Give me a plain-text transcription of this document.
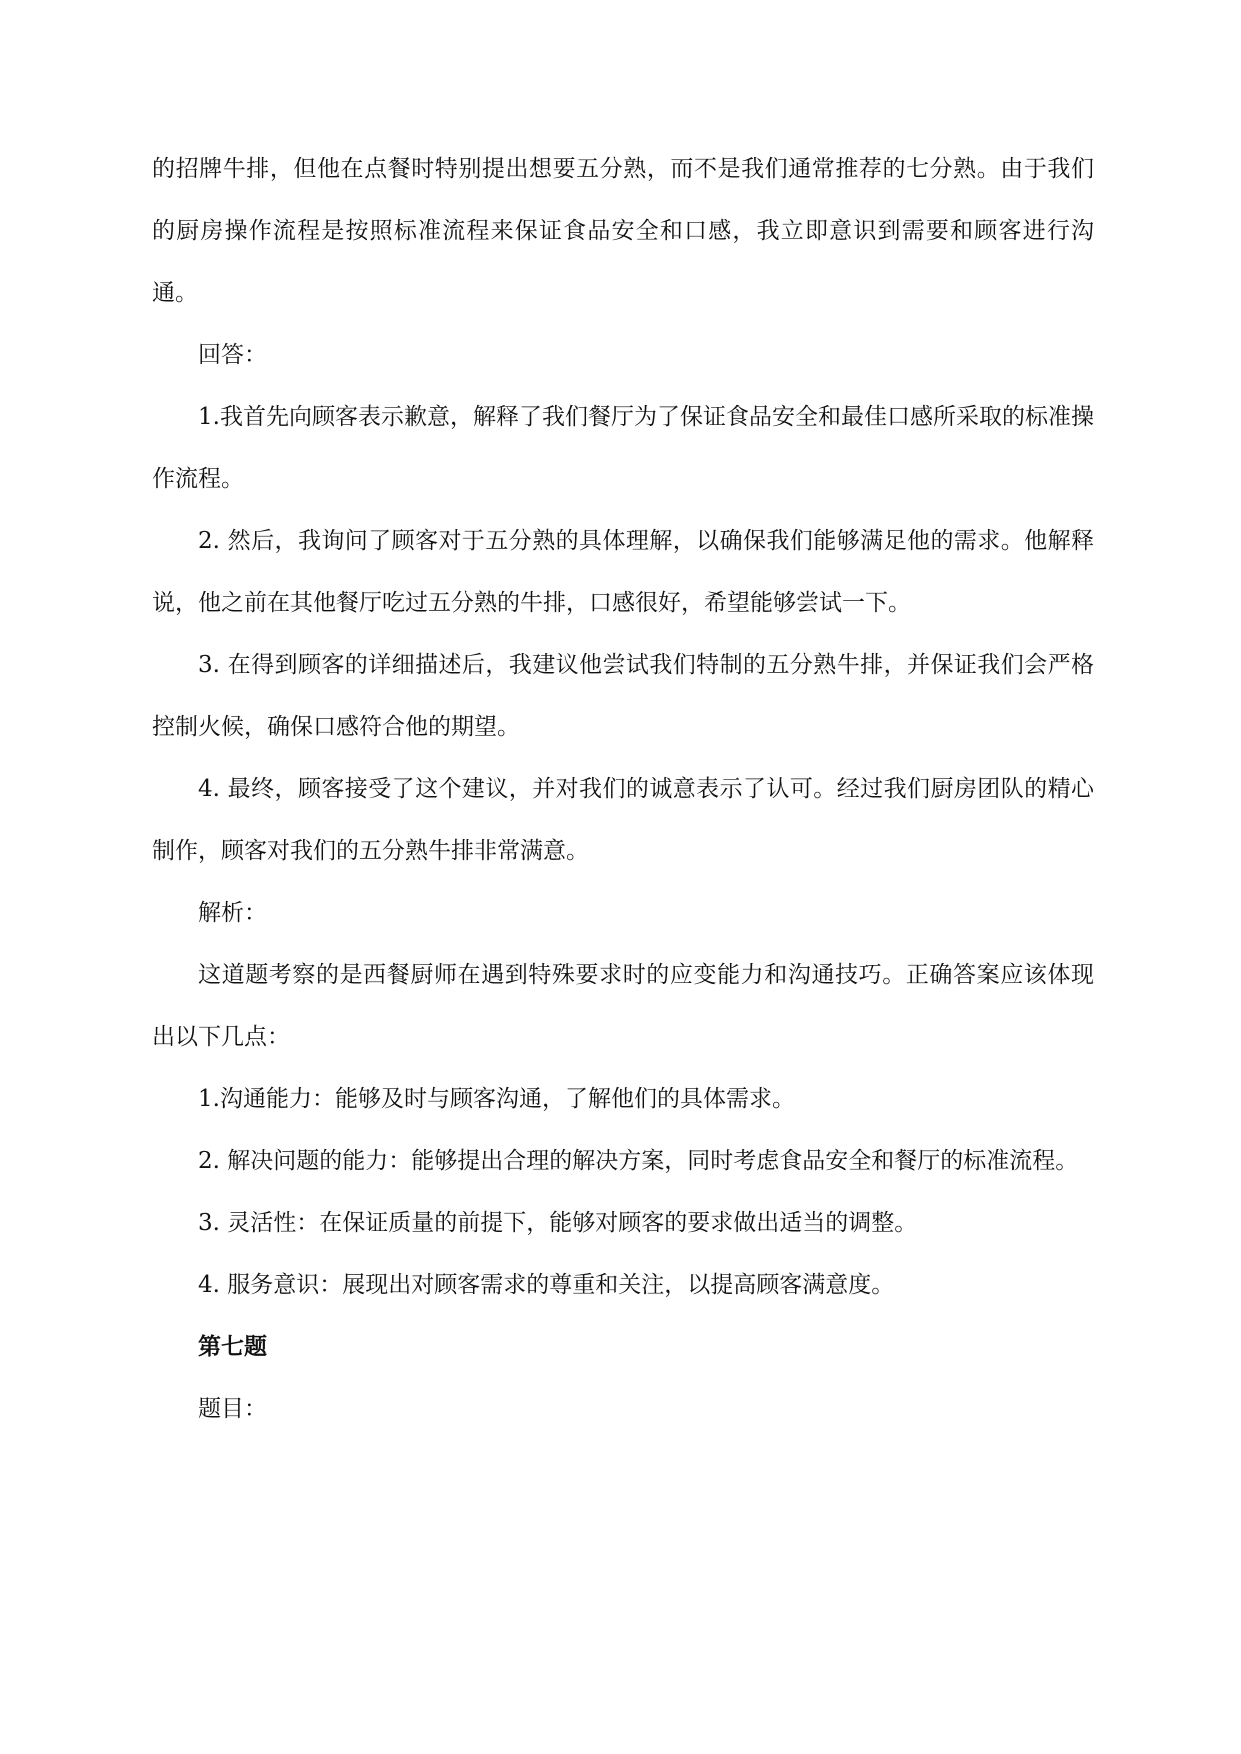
的招牌牛排，但他在点餐时特别提出想要五分熟，而不是我们通常推荐的七分熟。由于我们的厨房操作流程是按照标准流程来保证食品安全和口感，我立即意识到需要和顾客进行沟通。

回答：

1.我首先向顾客表示歉意，解释了我们餐厅为了保证食品安全和最佳口感所采取的标准操作流程。

2. 然后，我询问了顾客对于五分熟的具体理解，以确保我们能够满足他的需求。他解释说，他之前在其他餐厅吃过五分熟的牛排，口感很好，希望能够尝试一下。

3. 在得到顾客的详细描述后，我建议他尝试我们特制的五分熟牛排，并保证我们会严格控制火候，确保口感符合他的期望。

4. 最终，顾客接受了这个建议，并对我们的诚意表示了认可。经过我们厨房团队的精心制作，顾客对我们的五分熟牛排非常满意。

解析：

这道题考察的是西餐厨师在遇到特殊要求时的应变能力和沟通技巧。正确答案应该体现出以下几点：

1.沟通能力：能够及时与顾客沟通，了解他们的具体需求。

2. 解决问题的能力：能够提出合理的解决方案，同时考虑食品安全和餐厅的标准流程。

3. 灵活性：在保证质量的前提下，能够对顾客的要求做出适当的调整。

4. 服务意识：展现出对顾客需求的尊重和关注，以提高顾客满意度。

第七题

题目：
